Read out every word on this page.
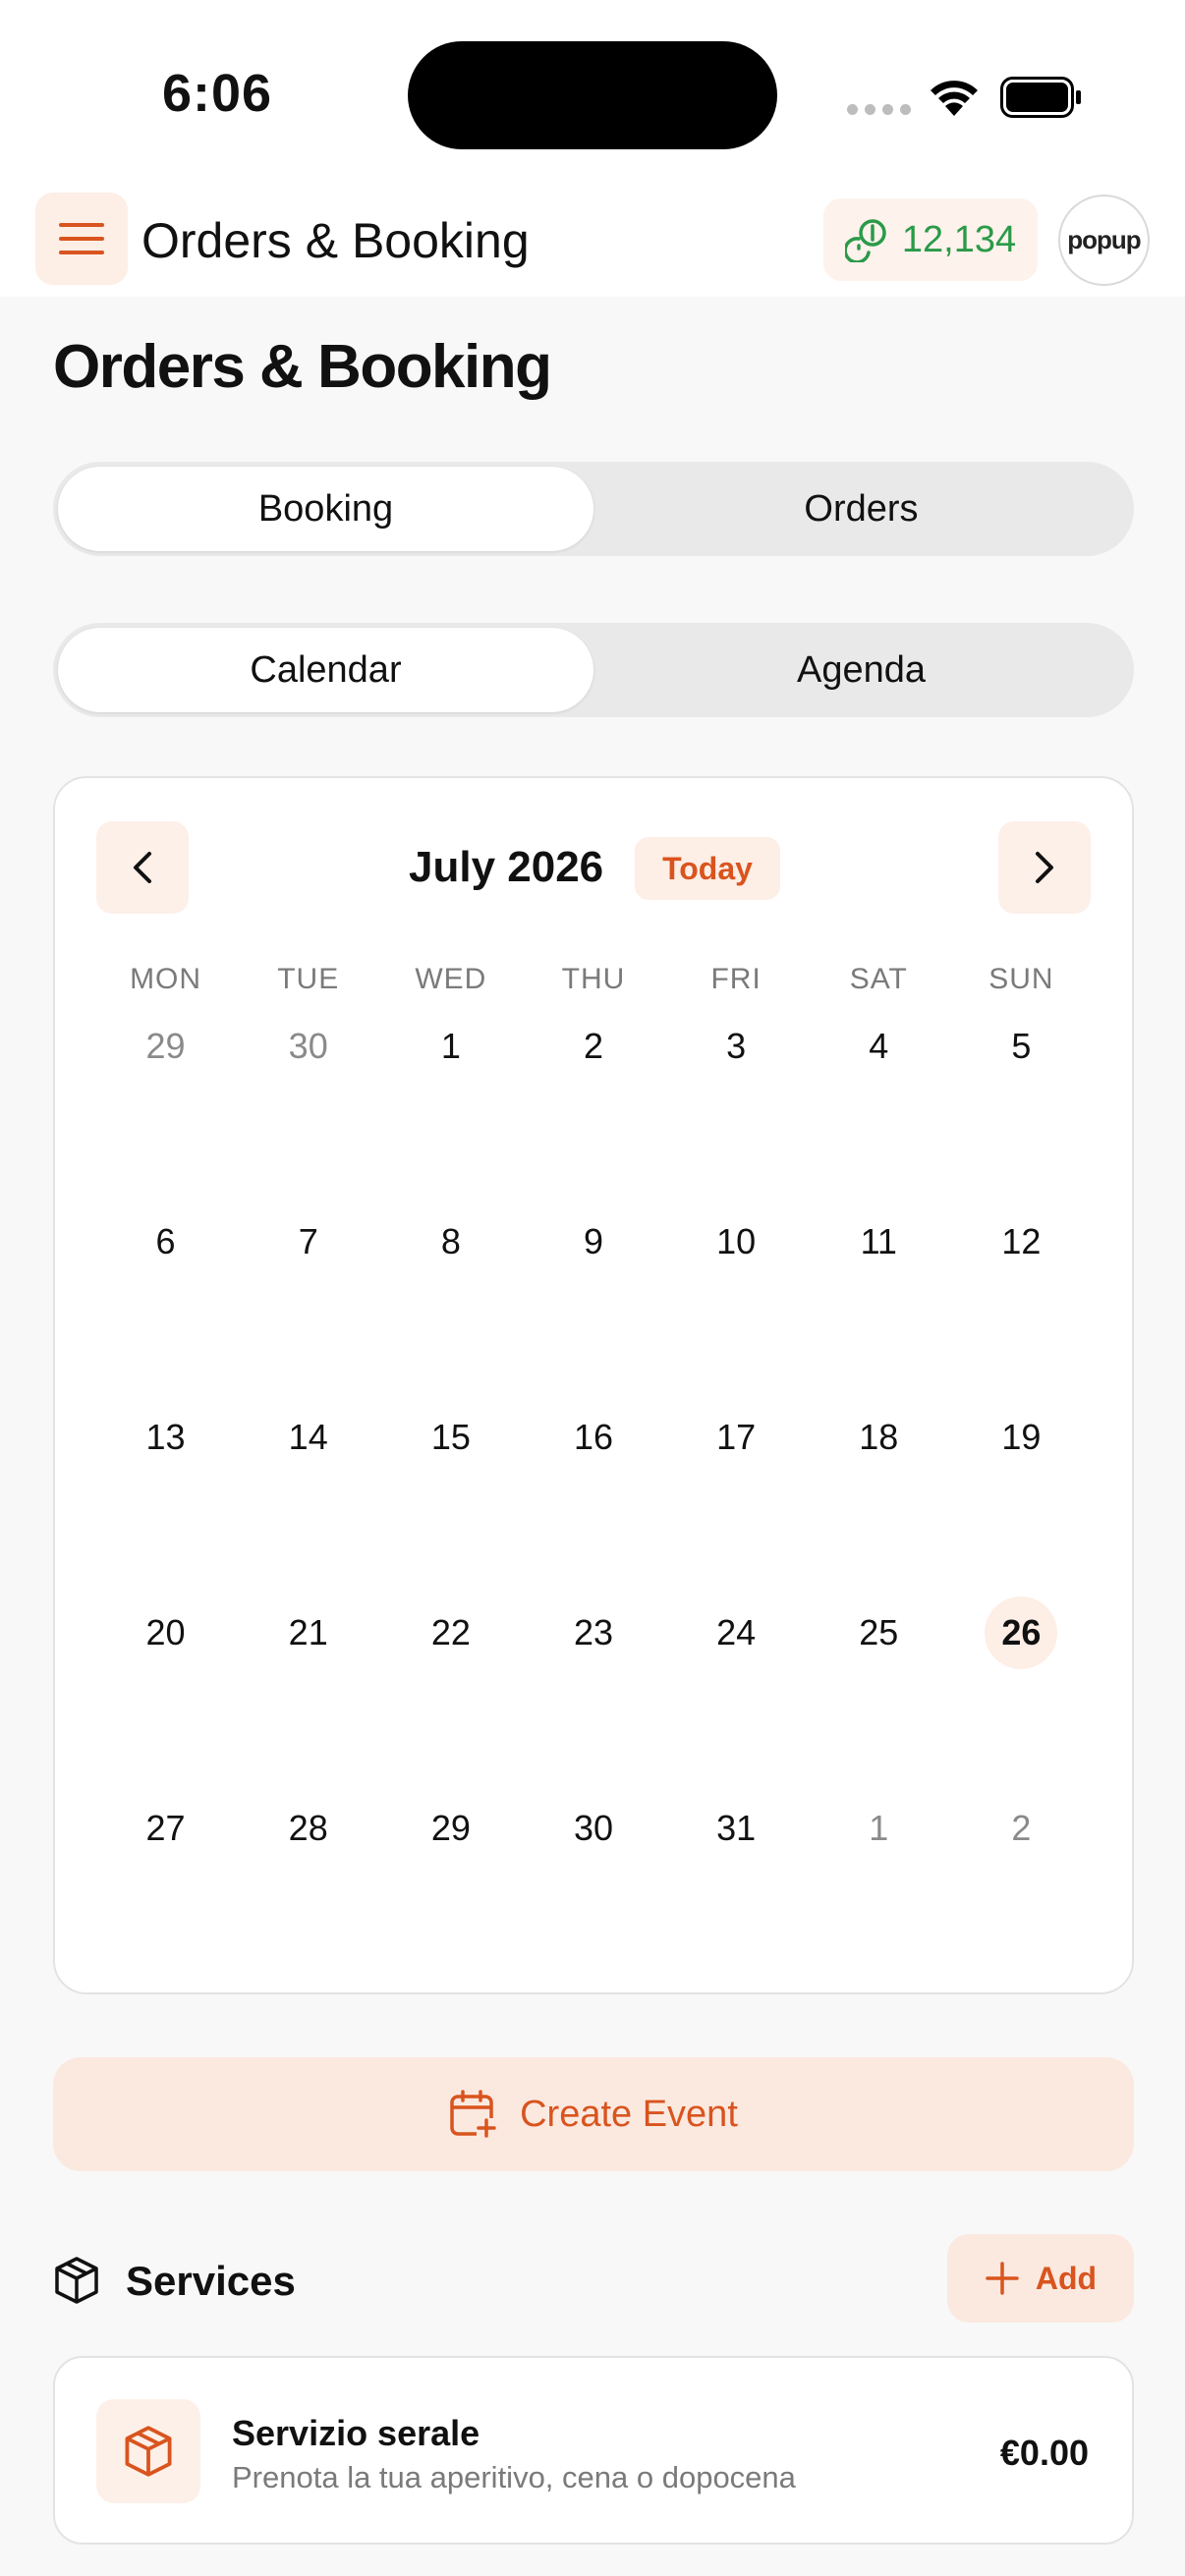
6:06
Orders & Booking	12,134 popup
Orders & Booking
Booking	Orders
Calendar	Agenda
July 2026	Today
MON	TUE	WED	THU	FRI	SAT	SUN
29	30	1	2	3	4	5
6	7	8	9	10	11	12
13	14	15	16	17	18	19
20	21	22	23	24	25	26
27	28	29	30	31	1	2
Create Event
Services	Add
Servizio serale
Prenota la tua aperitivo, cena o dopocena
€0.00
